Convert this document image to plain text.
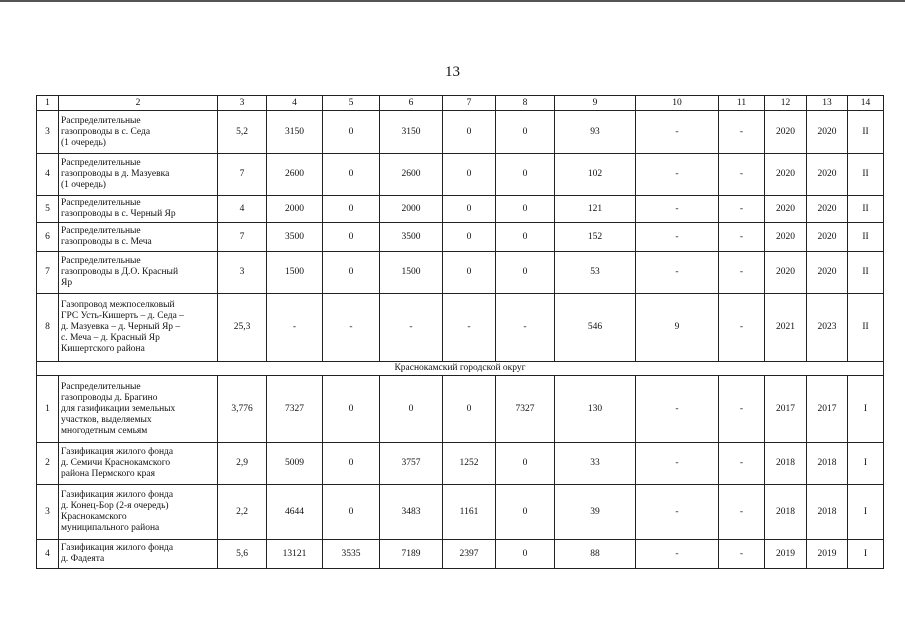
13
1	2	3	4	5	6	7	8	9	10	11	12	13	14
3	Распределительные
газопроводы в с. Седа
(1 очередь)	5,2	3150	0	3150	0	0	93	-	-	2020	2020	II
4	Распределительные
газопроводы в д. Мазуевка
(1 очередь)	7	2600	0	2600	0	0	102	-	-	2020	2020	II
5	Распределительные
газопроводы в с. Черный Яр	4	2000	0	2000	0	0	121	-	-	2020	2020	II
6	Распределительные
газопроводы в с. Меча	7	3500	0	3500	0	0	152	-	-	2020	2020	II
7	Распределительные
газопроводы в Д.О. Красный
Яр	3	1500	0	1500	0	0	53	-	-	2020	2020	II
8	Газопровод межпоселковый
ГРС Усть-Кишерть – д. Седа –
д. Мазуевка – д. Черный Яр –
с. Меча – д. Красный Яр
Кишертского района	25,3	-	-	-	-	-	546	9	-	2021	2023	II
Краснокамский городской округ													
1	Распределительные
газопроводы д. Брагино
для газификации земельных
участков, выделяемых
многодетным семьям	3,776	7327	0	0	0	7327	130	-	-	2017	2017	I
2	Газификация жилого фонда
д. Семичи Краснокамского
района Пермского края	2,9	5009	0	3757	1252	0	33	-	-	2018	2018	I
3	Газификация жилого фонда
д. Конец-Бор (2-я очередь)
Краснокамского
муниципального района	2,2	4644	0	3483	1161	0	39	-	-	2018	2018	I
4	Газификация жилого фонда
д. Фадеята	5,6	13121	3535	7189	2397	0	88	-	-	2019	2019	I
